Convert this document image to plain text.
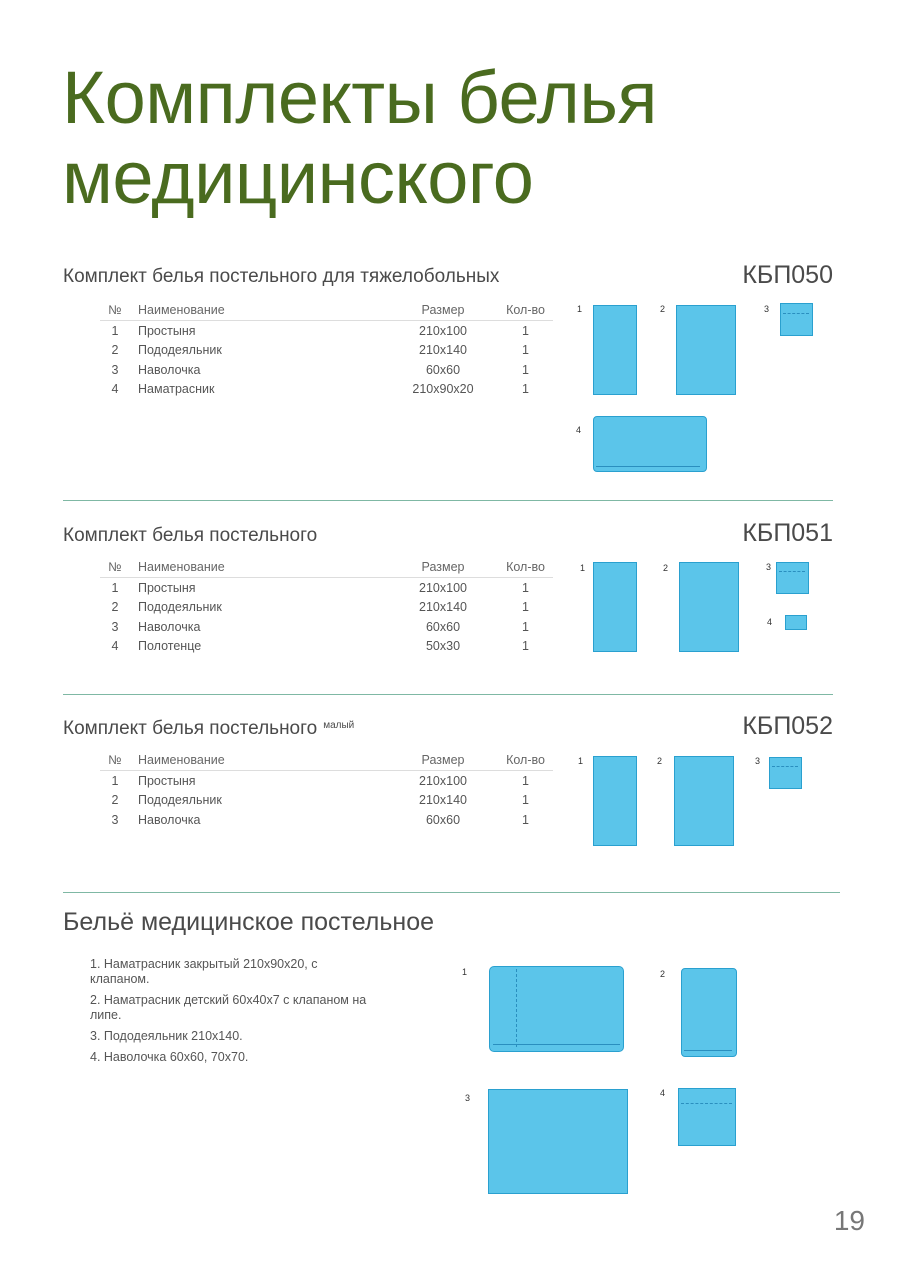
Комплекты белья
медицинского
Комплект белья постельного для тяжелобольных	КБП050
№	Наименование	Размер	Кол-во
1	Простыня	210x100	1
2	Пододеяльник	210x140	1
3	Наволочка	60x60	1
4	Наматрасник	210x90x20	1
1	2	3
4
Комплект белья постельного	КБП051
№	Наименование	Размер	Кол-во
1	Простыня	210x100	1
2	Пододеяльник	210x140	1
3	Наволочка	60x60	1
4	Полотенце	50x30	1
1	2	3
4
Комплект белья постельного $^{малый}$	КБП052
№	Наименование	Размер	Кол-во
1	Простыня	210x100	1
2	Пододеяльник	210x140	1
3	Наволочка	60x60	1
1	2	3
Бельё медицинское постельное
1. Наматрасник закрытый 210x90x20, с клапаном.
2. Наматрасник детский 60x40x7 с клапаном на липе.
3. Пододеяльник 210x140.
4. Наволочка 60x60, 70x70.
1	2
3	4
19
